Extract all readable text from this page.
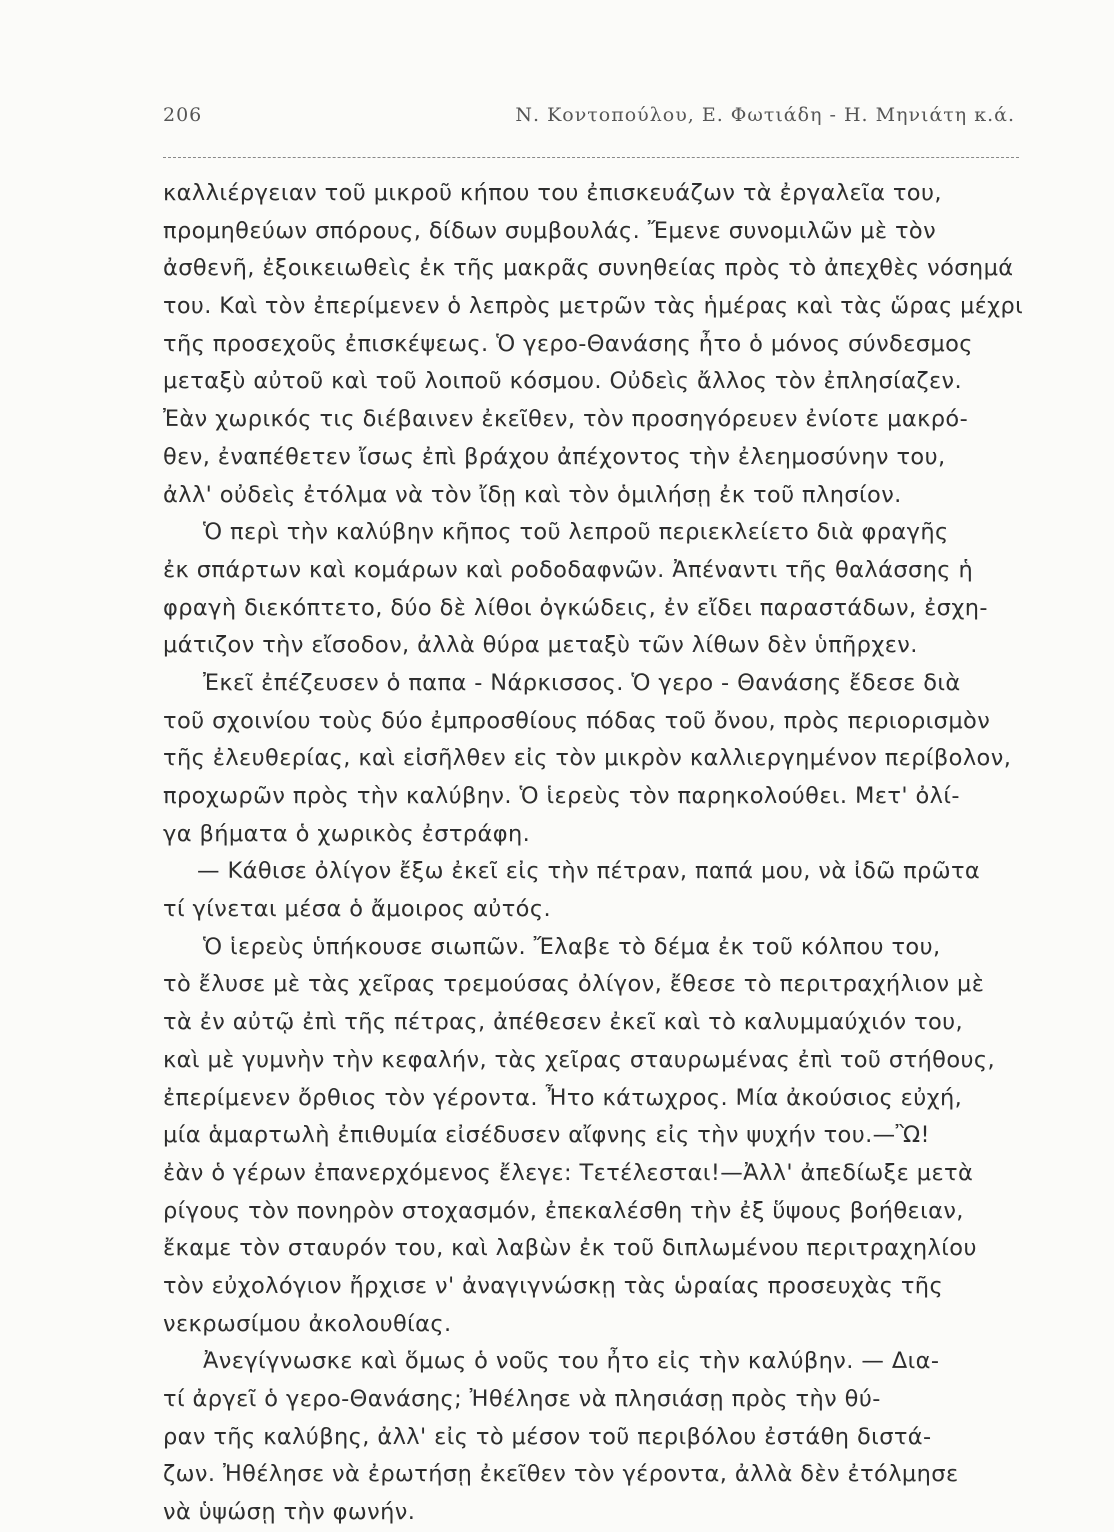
206	Ν. Κοντοπούλου, Ε. Φωτιάδη - Η. Μηνιάτη κ.ά.
καλλιέργειαν τοῦ μικροῦ κήπου του ἐπισκευάζων τὰ ἐργαλεῖα του,
προμηθεύων σπόρους, δίδων συμβουλάς. Ἔμενε συνομιλῶν μὲ τὸν
ἀσθενῆ, ἐξοικειωθεὶς ἐκ τῆς μακρᾶς συνηθείας πρὸς τὸ ἀπεχθὲς νόσημά
του. Καὶ τὸν ἐπερίμενεν ὁ λεπρὸς μετρῶν τὰς ἡμέρας καὶ τὰς ὥρας μέχρι
τῆς προσεχοῦς ἐπισκέψεως. Ὁ γερο-Θανάσης ἦτο ὁ μόνος σύνδεσμος
μεταξὺ αὐτοῦ καὶ τοῦ λοιποῦ κόσμου. Οὐδεὶς ἄλλος τὸν ἐπλησίαζεν.
Ἐὰν χωρικός τις διέβαινεν ἐκεῖθεν, τὸν προσηγόρευεν ἐνίοτε μακρό-
θεν, ἐναπέθετεν ἴσως ἐπὶ βράχου ἀπέχοντος τὴν ἐλεημοσύνην του,
ἀλλ' οὐδεὶς ἐτόλμα νὰ τὸν ἴδῃ καὶ τὸν ὁμιλήσῃ ἐκ τοῦ πλησίον.
Ὁ περὶ τὴν καλύβην κῆπος τοῦ λεπροῦ περιεκλείετο διὰ φραγῆς
ἐκ σπάρτων καὶ κομάρων καὶ ροδοδαφνῶν. Ἀπέναντι τῆς θαλάσσης ἡ
φραγὴ διεκόπτετο, δύο δὲ λίθοι ὀγκώδεις, ἐν εἴδει παραστάδων, ἐσχη-
μάτιζον τὴν εἴσοδον, ἀλλὰ θύρα μεταξὺ τῶν λίθων δὲν ὑπῆρχεν.
Ἐκεῖ ἐπέζευσεν ὁ παπα - Νάρκισσος. Ὁ γερο - Θανάσης ἔδεσε διὰ
τοῦ σχοινίου τοὺς δύο ἐμπροσθίους πόδας τοῦ ὄνου, πρὸς περιορισμὸν
τῆς ἐλευθερίας, καὶ εἰσῆλθεν εἰς τὸν μικρὸν καλλιεργημένον περίβολον,
προχωρῶν πρὸς τὴν καλύβην. Ὁ ἱερεὺς τὸν παρηκολούθει. Μετ' ὀλί-
γα βήματα ὁ χωρικὸς ἐστράφη.
— Κάθισε ὀλίγον ἔξω ἐκεῖ εἰς τὴν πέτραν, παπά μου, νὰ ἰδῶ πρῶτα
τί γίνεται μέσα ὁ ἄμοιρος αὐτός.
Ὁ ἱερεὺς ὑπήκουσε σιωπῶν. Ἔλαβε τὸ δέμα ἐκ τοῦ κόλπου του,
τὸ ἔλυσε μὲ τὰς χεῖρας τρεμούσας ὀλίγον, ἔθεσε τὸ περιτραχήλιον μὲ
τὰ ἐν αὐτῷ ἐπὶ τῆς πέτρας, ἀπέθεσεν ἐκεῖ καὶ τὸ καλυμμαύχιόν του,
καὶ μὲ γυμνὴν τὴν κεφαλήν, τὰς χεῖρας σταυρωμένας ἐπὶ τοῦ στήθους,
ἐπερίμενεν ὄρθιος τὸν γέροντα. Ἦτο κάτωχρος. Μία ἀκούσιος εὐχή,
μία ἁμαρτωλὴ ἐπιθυμία εἰσέδυσεν αἴφνης εἰς τὴν ψυχήν του.—Ὢ!
ἐὰν ὁ γέρων ἐπανερχόμενος ἔλεγε: Τετέλεσται!—Ἀλλ' ἀπεδίωξε μετὰ
ρίγους τὸν πονηρὸν στοχασμόν, ἐπεκαλέσθη τὴν ἐξ ὕψους βοήθειαν,
ἔκαμε τὸν σταυρόν του, καὶ λαβὼν ἐκ τοῦ διπλωμένου περιτραχηλίου
τὸν εὐχολόγιον ἤρχισε ν' ἀναγιγνώσκῃ τὰς ὡραίας προσευχὰς τῆς
νεκρωσίμου ἀκολουθίας.
Ἀνεγίγνωσκε καὶ ὅμως ὁ νοῦς του ἦτο εἰς τὴν καλύβην. — Δια-
τί ἀργεῖ ὁ γερο-Θανάσης; Ἠθέλησε νὰ πλησιάσῃ πρὸς τὴν θύ-
ραν τῆς καλύβης, ἀλλ' εἰς τὸ μέσον τοῦ περιβόλου ἐστάθη διστά-
ζων. Ἠθέλησε νὰ ἐρωτήσῃ ἐκεῖθεν τὸν γέροντα, ἀλλὰ δὲν ἐτόλμησε
νὰ ὑψώσῃ τὴν φωνήν.
